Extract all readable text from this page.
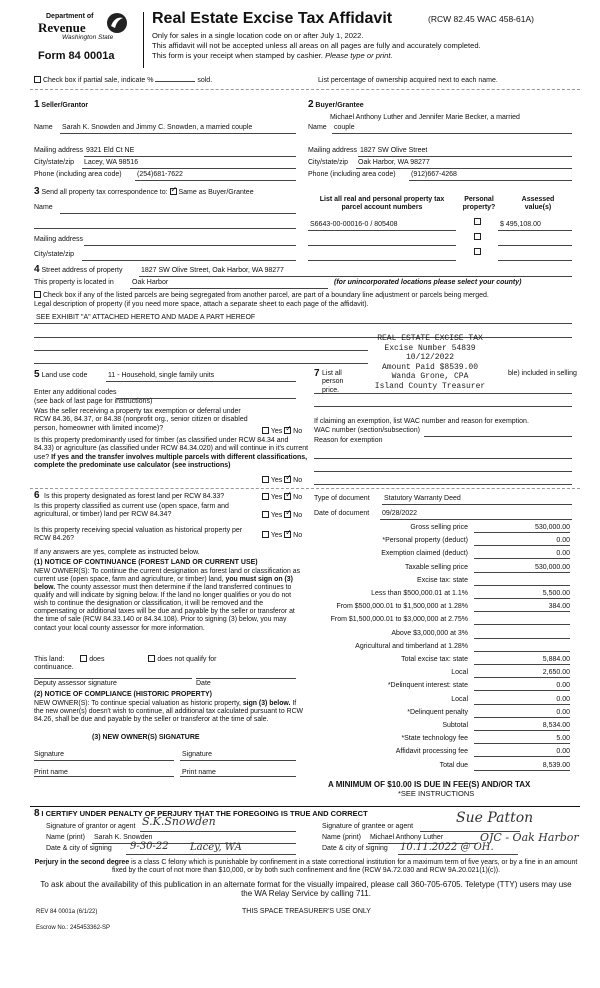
Department of
Revenue
Washington State
Form 84 0001a
Real Estate Excise Tax Affidavit	(RCW 82.45 WAC 458-61A)
Only for sales in a single location code on or after July 1, 2022.
This affidavit will not be accepted unless all areas on all pages are fully and accurately completed.
This form is your receipt when stamped by cashier. Please type or print.
Check box if partial sale, indicate %	sold.	List percentage of ownership acquired next to each name.
1 Seller/Grantor
Name Sarah K. Snowden and Jimmy C. Snowden, a married couple
Mailing address 9321 Eld Ct NE
City/state/zip Lacey, WA 98516
Phone (including area code) (254)681-7622
2 Buyer/Grantee
Michael Anthony Luther and Jennifer Marie Becker, a married
Name couple
Mailing address 1827 SW Olive Street
City/state/zip Oak Harbor, WA 98277
Phone (including area code) (912)667-4268
3 Send all property tax correspondence to: ✓ Same as Buyer/Grantee
Name
Mailing address
City/state/zip
List all real and personal property tax parcel account numbers
Personal property?
Assessed value(s)
S6643-00-00016-0 / 805408	$ 495,108.00
4 Street address of property	1827 SW Olive Street, Oak Harbor, WA 98277
This property is located in	Oak Harbor	(for unincorporated locations please select your county)
Check box if any of the listed parcels are being segregated from another parcel, are part of a boundary line adjustment or parcels being merged.
Legal description of property (if you need more space, attach a separate sheet to each page of the affidavit).
SEE EXHIBIT "A" ATTACHED HERETO AND MADE A PART HEREOF
REAL ESTATE EXCISE TAX
Excise Number 54839
10/12/2022
Amount Paid $8539.00
Wanda Grone, CPA
Island County Treasurer
5 Land use code	11 - Household, single family units
Enter any additional codes
(see back of last page for instructions)
Was the seller receiving a property tax exemption or deferral under RCW 84.36, 84.37, or 84.38 (nonprofit org., senior citizen or disabled person, homeowner with limited income)?	Yes ✓ No
Is this property predominantly used for timber (as classified under RCW 84.34 and 84.33) or agriculture (as classified under RCW 84.34.020) and will continue in it's current use? If yes and the transfer involves multiple parcels with different classifications, complete the predominate use calculator (see instructions)
Yes ✓ No
7 List all person price.
ble) included in selling
If claiming an exemption, list WAC number and reason for exemption.
WAC number (section/subsection)
Reason for exemption
6 Is this property designated as forest land per RCW 84.33?	Yes ✓ No
Is this property classified as current use (open space, farm and agricultural, or timber) land per RCW 84.34?	Yes ✓ No
Is this property receiving special valuation as historical property per RCW 84.26?	Yes ✓ No
If any answers are yes, complete as instructed below.
(1) NOTICE OF CONTINUANCE (FOREST LAND OR CURRENT USE)
NEW OWNER(S): To continue the current designation as forest land or classification as current use (open space, farm and agriculture, or timber) land, you must sign on (3) below. The county assessor must then determine if the land transferred continues to qualify and will indicate by signing below. If the land no longer qualifies or you do not wish to continue the designation or classification, it will be removed and the compensating or additional taxes will be due and payable by the seller or transferor at the time of sale (RCW 84.33.140 or 84.34.108). Prior to signing (3) below, you may contact your local county assessor for more information.
This land:	does	does not qualify for
continuance.
Deputy assessor signature	Date
(2) NOTICE OF COMPLIANCE (HISTORIC PROPERTY)
NEW OWNER(S): To continue special valuation as historic property, sign (3) below. If the new owner(s) doesn't wish to continue, all additional tax calculated pursuant to RCW 84.26, shall be due and payable by the seller or transferor at the time of sale.
(3) NEW OWNER(S) SIGNATURE
Signature	Signature
Print name	Print name
Type of document Statutory Warranty Deed
Date of document 09/28/2022
Gross selling price	530,000.00
*Personal property (deduct)	0.00
Exemption claimed (deduct)	0.00
Taxable selling price	530,000.00
Excise tax: state
Less than $500,000.01 at 1.1%	5,500.00
From $500,000.01 to $1,500,000 at 1.28%	384.00
From $1,500,000.01 to $3,000,000 at 2.75%
Above $3,000,000 at 3%
Agricultural and timberland at 1.28%
Total excise tax: state	5,884.00
Local	2,650.00
*Delinquent interest: state	0.00
Local	0.00
*Delinquent penalty	0.00
Subtotal	8,534.00
*State technology fee	5.00
Affidavit processing fee	0.00
Total due	8,539.00
A MINIMUM OF $10.00 IS DUE IN FEE(S) AND/OR TAX
*SEE INSTRUCTIONS
8 I CERTIFY UNDER PENALTY OF PERJURY THAT THE FOREGOING IS TRUE AND CORRECT
Signature of grantor or agent S.K.Snowden
Name (print) Sarah K. Snowden
Date & city of signing 9-30-22 Lacey, WA
Signature of grantee or agent
Sue Patton
Name (print) Michael Anthony Luther	OJC - Oak Harbor
Date & city of signing 10.11.2022 @ OH.
Perjury in the second degree is a class C felony which is punishable by confinement in a state correctional institution for a maximum term of five years, or by a fine in an amount fixed by the court of not more than $10,000, or by both such confinement and fine (RCW 9A.72.030 and RCW 9A.20.021(1)(c)).
To ask about the availability of this publication in an alternate format for the visually impaired, please call 360-705-6705. Teletype (TTY) users may use the WA Relay Service by calling 711.
REV 84 0001a (6/1/22)	THIS SPACE TREASURER'S USE ONLY
Escrow No.: 245453362-SP
